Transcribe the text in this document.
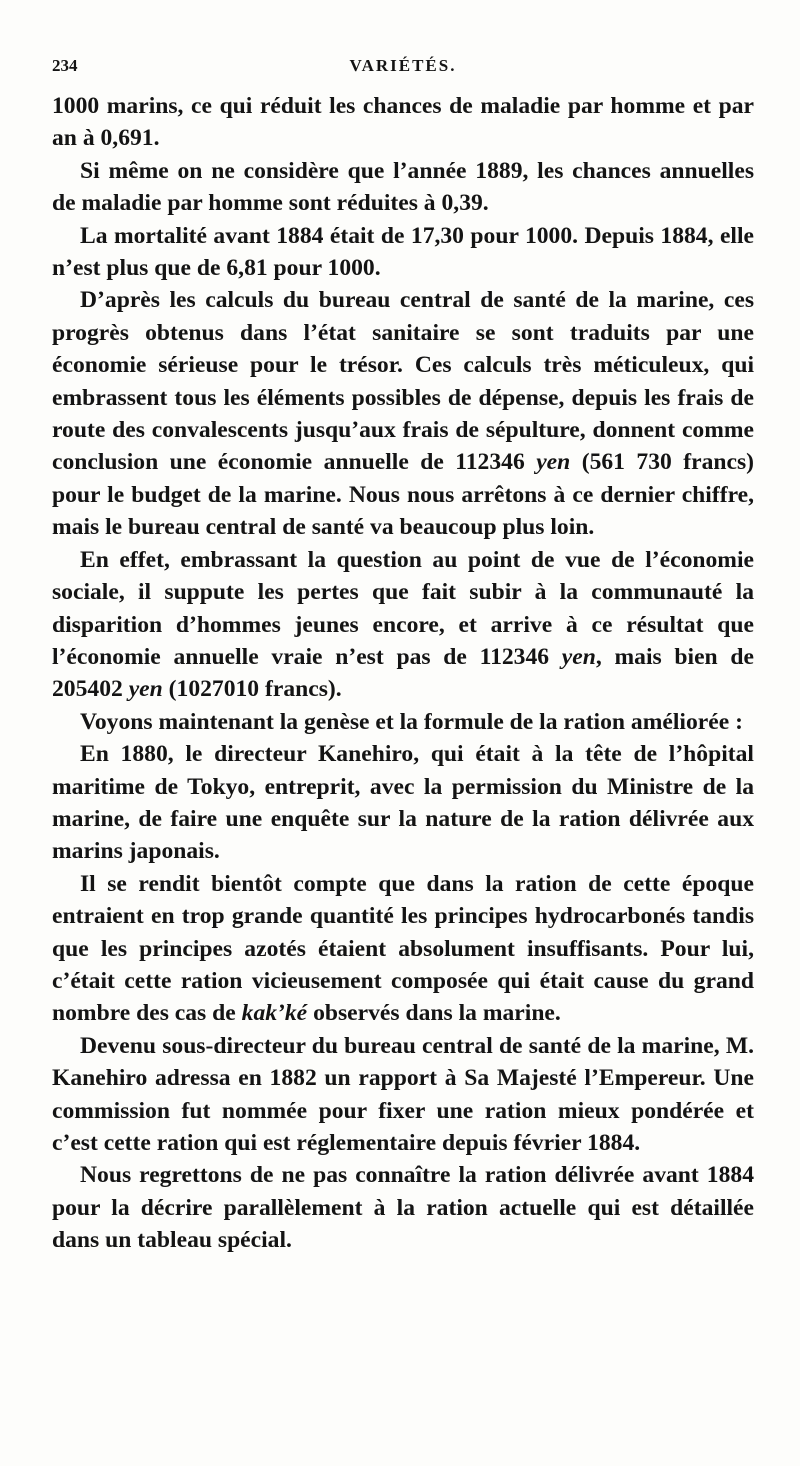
234	VARIÉTÉS.

1000 marins, ce qui réduit les chances de maladie par homme et par an à 0,691.

Si même on ne considère que l’année 1889, les chances annuelles de maladie par homme sont réduites à 0,39.

La mortalité avant 1884 était de 17,30 pour 1000. Depuis 1884, elle n’est plus que de 6,81 pour 1000.

D’après les calculs du bureau central de santé de la marine, ces progrès obtenus dans l’état sanitaire se sont traduits par une économie sérieuse pour le trésor. Ces calculs très méticuleux, qui embrassent tous les éléments possibles de dépense, depuis les frais de route des convalescents jusqu’aux frais de sépulture, donnent comme conclusion une économie annuelle de 112346 yen (561 730 francs) pour le budget de la marine. Nous nous arrêtons à ce dernier chiffre, mais le bureau central de santé va beaucoup plus loin.

En effet, embrassant la question au point de vue de l’économie sociale, il suppute les pertes que fait subir à la communauté la disparition d’hommes jeunes encore, et arrive à ce résultat que l’économie annuelle vraie n’est pas de 112346 yen, mais bien de 205402 yen (1027010 francs).

Voyons maintenant la genèse et la formule de la ration améliorée :

En 1880, le directeur Kanehiro, qui était à la tête de l’hôpital maritime de Tokyo, entreprit, avec la permission du Ministre de la marine, de faire une enquête sur la nature de la ration délivrée aux marins japonais.

Il se rendit bientôt compte que dans la ration de cette époque entraient en trop grande quantité les principes hydrocarbonés tandis que les principes azotés étaient absolument insuffisants. Pour lui, c’était cette ration vicieusement composée qui était cause du grand nombre des cas de kak’ké observés dans la marine.

Devenu sous-directeur du bureau central de santé de la marine, M. Kanehiro adressa en 1882 un rapport à Sa Majesté l’Empereur. Une commission fut nommée pour fixer une ration mieux pondérée et c’est cette ration qui est réglementaire depuis février 1884.

Nous regrettons de ne pas connaître la ration délivrée avant 1884 pour la décrire parallèlement à la ration actuelle qui est détaillée dans un tableau spécial.
